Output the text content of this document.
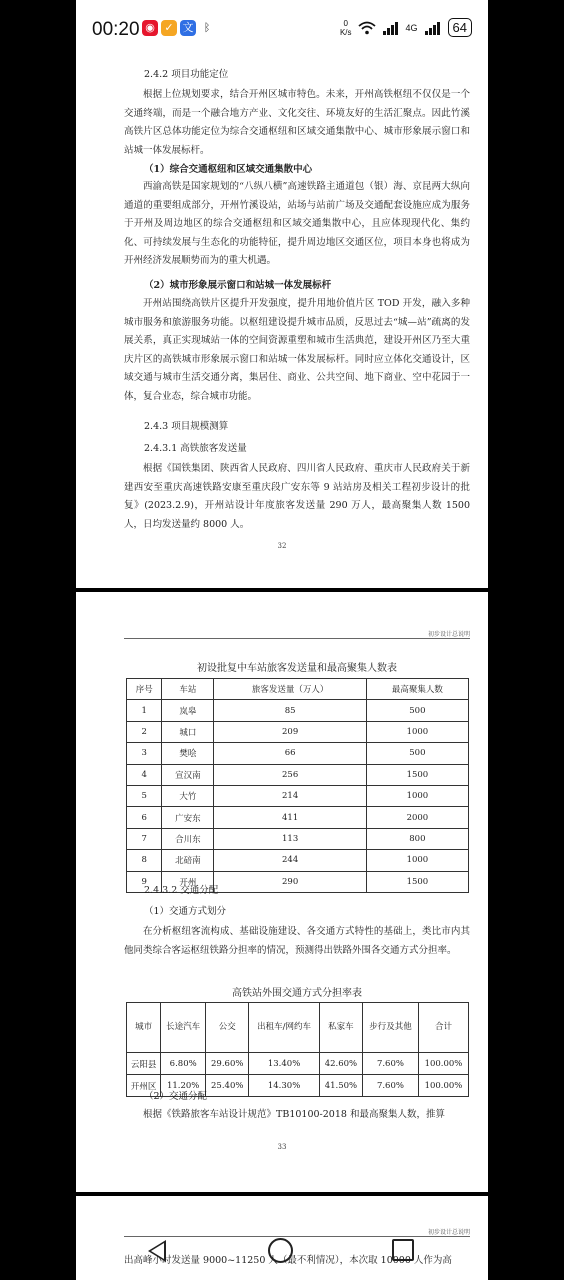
00:20 ◉ ✓ 文 ᛒ	0
K/s	4G	64

2.4.2 项目功能定位

根据上位规划要求，结合开州区城市特色。未来，开州高铁枢纽不仅仅是一个交通终端，而是一个融合地方产业、文化交往、环境友好的生活汇聚点。因此竹溪高铁片区总体功能定位为综合交通枢纽和区域交通集散中心、城市形象展示窗口和站城一体发展标杆。

（1）综合交通枢纽和区域交通集散中心

西渝高铁是国家规划的“八纵八横”高速铁路主通道包（银）海、京昆两大纵向通道的重要组成部分，开州竹溪设站，站场与站前广场及交通配套设施应成为服务于开州及周边地区的综合交通枢纽和区域交通集散中心，且应体现现代化、集约化、可持续发展与生态化的功能特征，提升周边地区交通区位，项目本身也将成为开州经济发展顺势而为的重大机遇。

（2）城市形象展示窗口和站城一体发展标杆

开州站围绕高铁片区提升开发强度，提升用地价值片区 TOD 开发，融入多种城市服务和旅游服务功能。以枢纽建设提升城市品质，反思过去“城—站”疏离的发展关系，真正实现城站一体的空间资源重塑和城市生活典范，建设开州区乃至大重庆片区的高铁城市形象展示窗口和站城一体发展标杆。同时应立体化交通设计，区域交通与城市生活交通分离，集居住、商业、公共空间、地下商业、空中花园于一体，复合业态，综合城市功能。

2.4.3 项目规模测算

2.4.3.1 高铁旅客发送量

根据《国铁集团、陕西省人民政府、四川省人民政府、重庆市人民政府关于新建西安至重庆高速铁路安康至重庆段广安东等 9 站站房及相关工程初步设计的批复》(2023.2.9)，开州站设计年度旅客发送量 290 万人，最高聚集人数 1500 人，日均发送量约 8000 人。

32
初步设计总说明
初设批复中车站旅客发送量和最高聚集人数表
序号	车站	旅客发送量（万人）	最高聚集人数
1	岚皋	85	500
2	城口	209	1000
3	樊哙	66	500
4	宣汉南	256	1500
5	大竹	214	1000
6	广安东	411	2000
7	合川东	113	800
8	北碚南	244	1000
9	开州	290	1500

2.4.3.2 交通分配

（1）交通方式划分

在分析枢纽客流构成、基础设施建设、各交通方式特性的基础上，类比市内其他同类综合客运枢纽铁路分担率的情况，预测得出铁路外围各交通方式分担率。

高铁站外围交通方式分担率表
城市	长途汽车	公交	出租车/网约车	私家车	步行及其他	合计
云阳县	6.80%	29.60%	13.40%	42.60%	7.60%	100.00%
开州区	11.20%	25.40%	14.30%	41.50%	7.60%	100.00%

（2）交通分配

根据《铁路旅客车站设计规范》TB10100-2018 和最高聚集人数，推算

33
初步设计总说明

出高峰小时发送量 9000~11250 人（最不利情况），本次取 10000 人作为高
